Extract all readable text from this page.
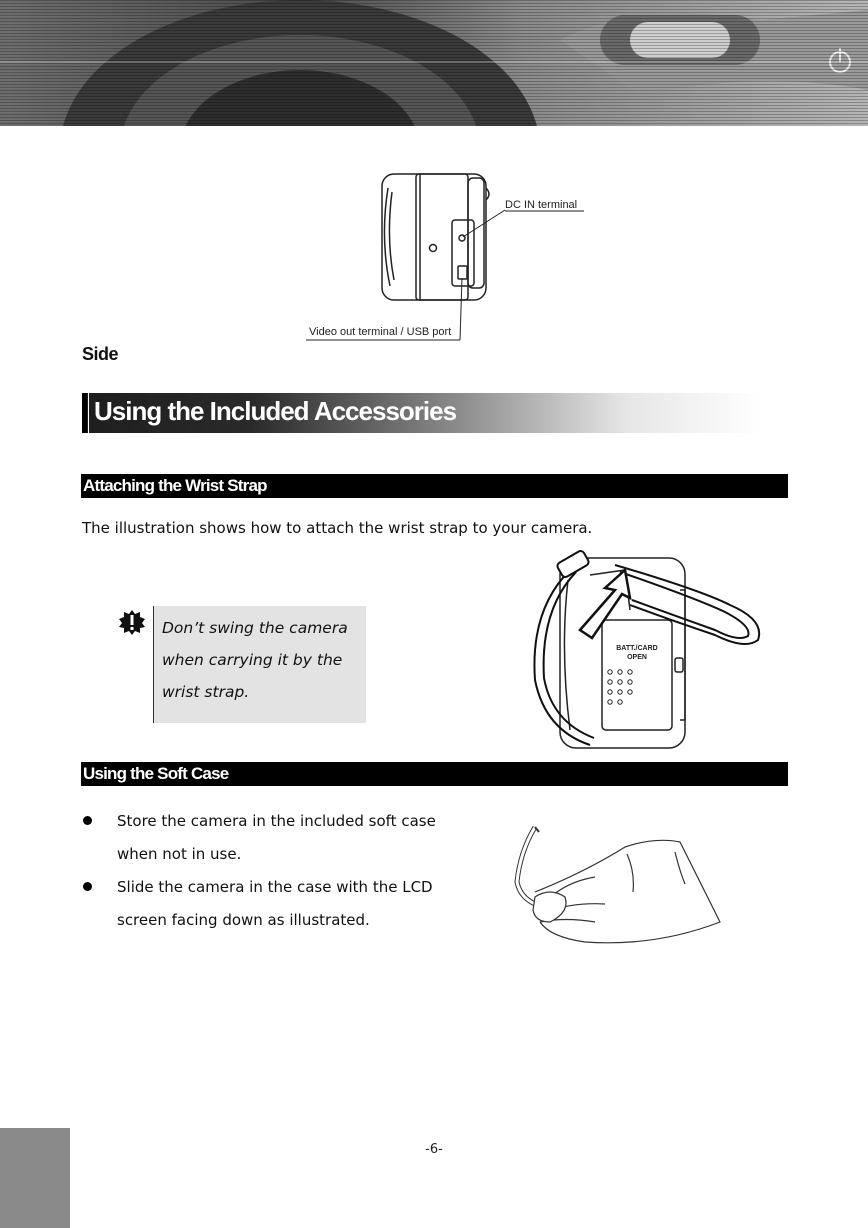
DC IN terminal
Video out terminal / USB port
Side
Using the Included Accessories
Attaching the Wrist Strap
The illustration shows how to attach the wrist strap to your camera.
Don’t swing the camera
when carrying it by the
wrist strap.
BATT./CARD
OPEN
Using the Soft Case
Store the camera in the included soft case
when not in use.
Slide the camera in the case with the LCD
screen facing down as illustrated.
-6-
